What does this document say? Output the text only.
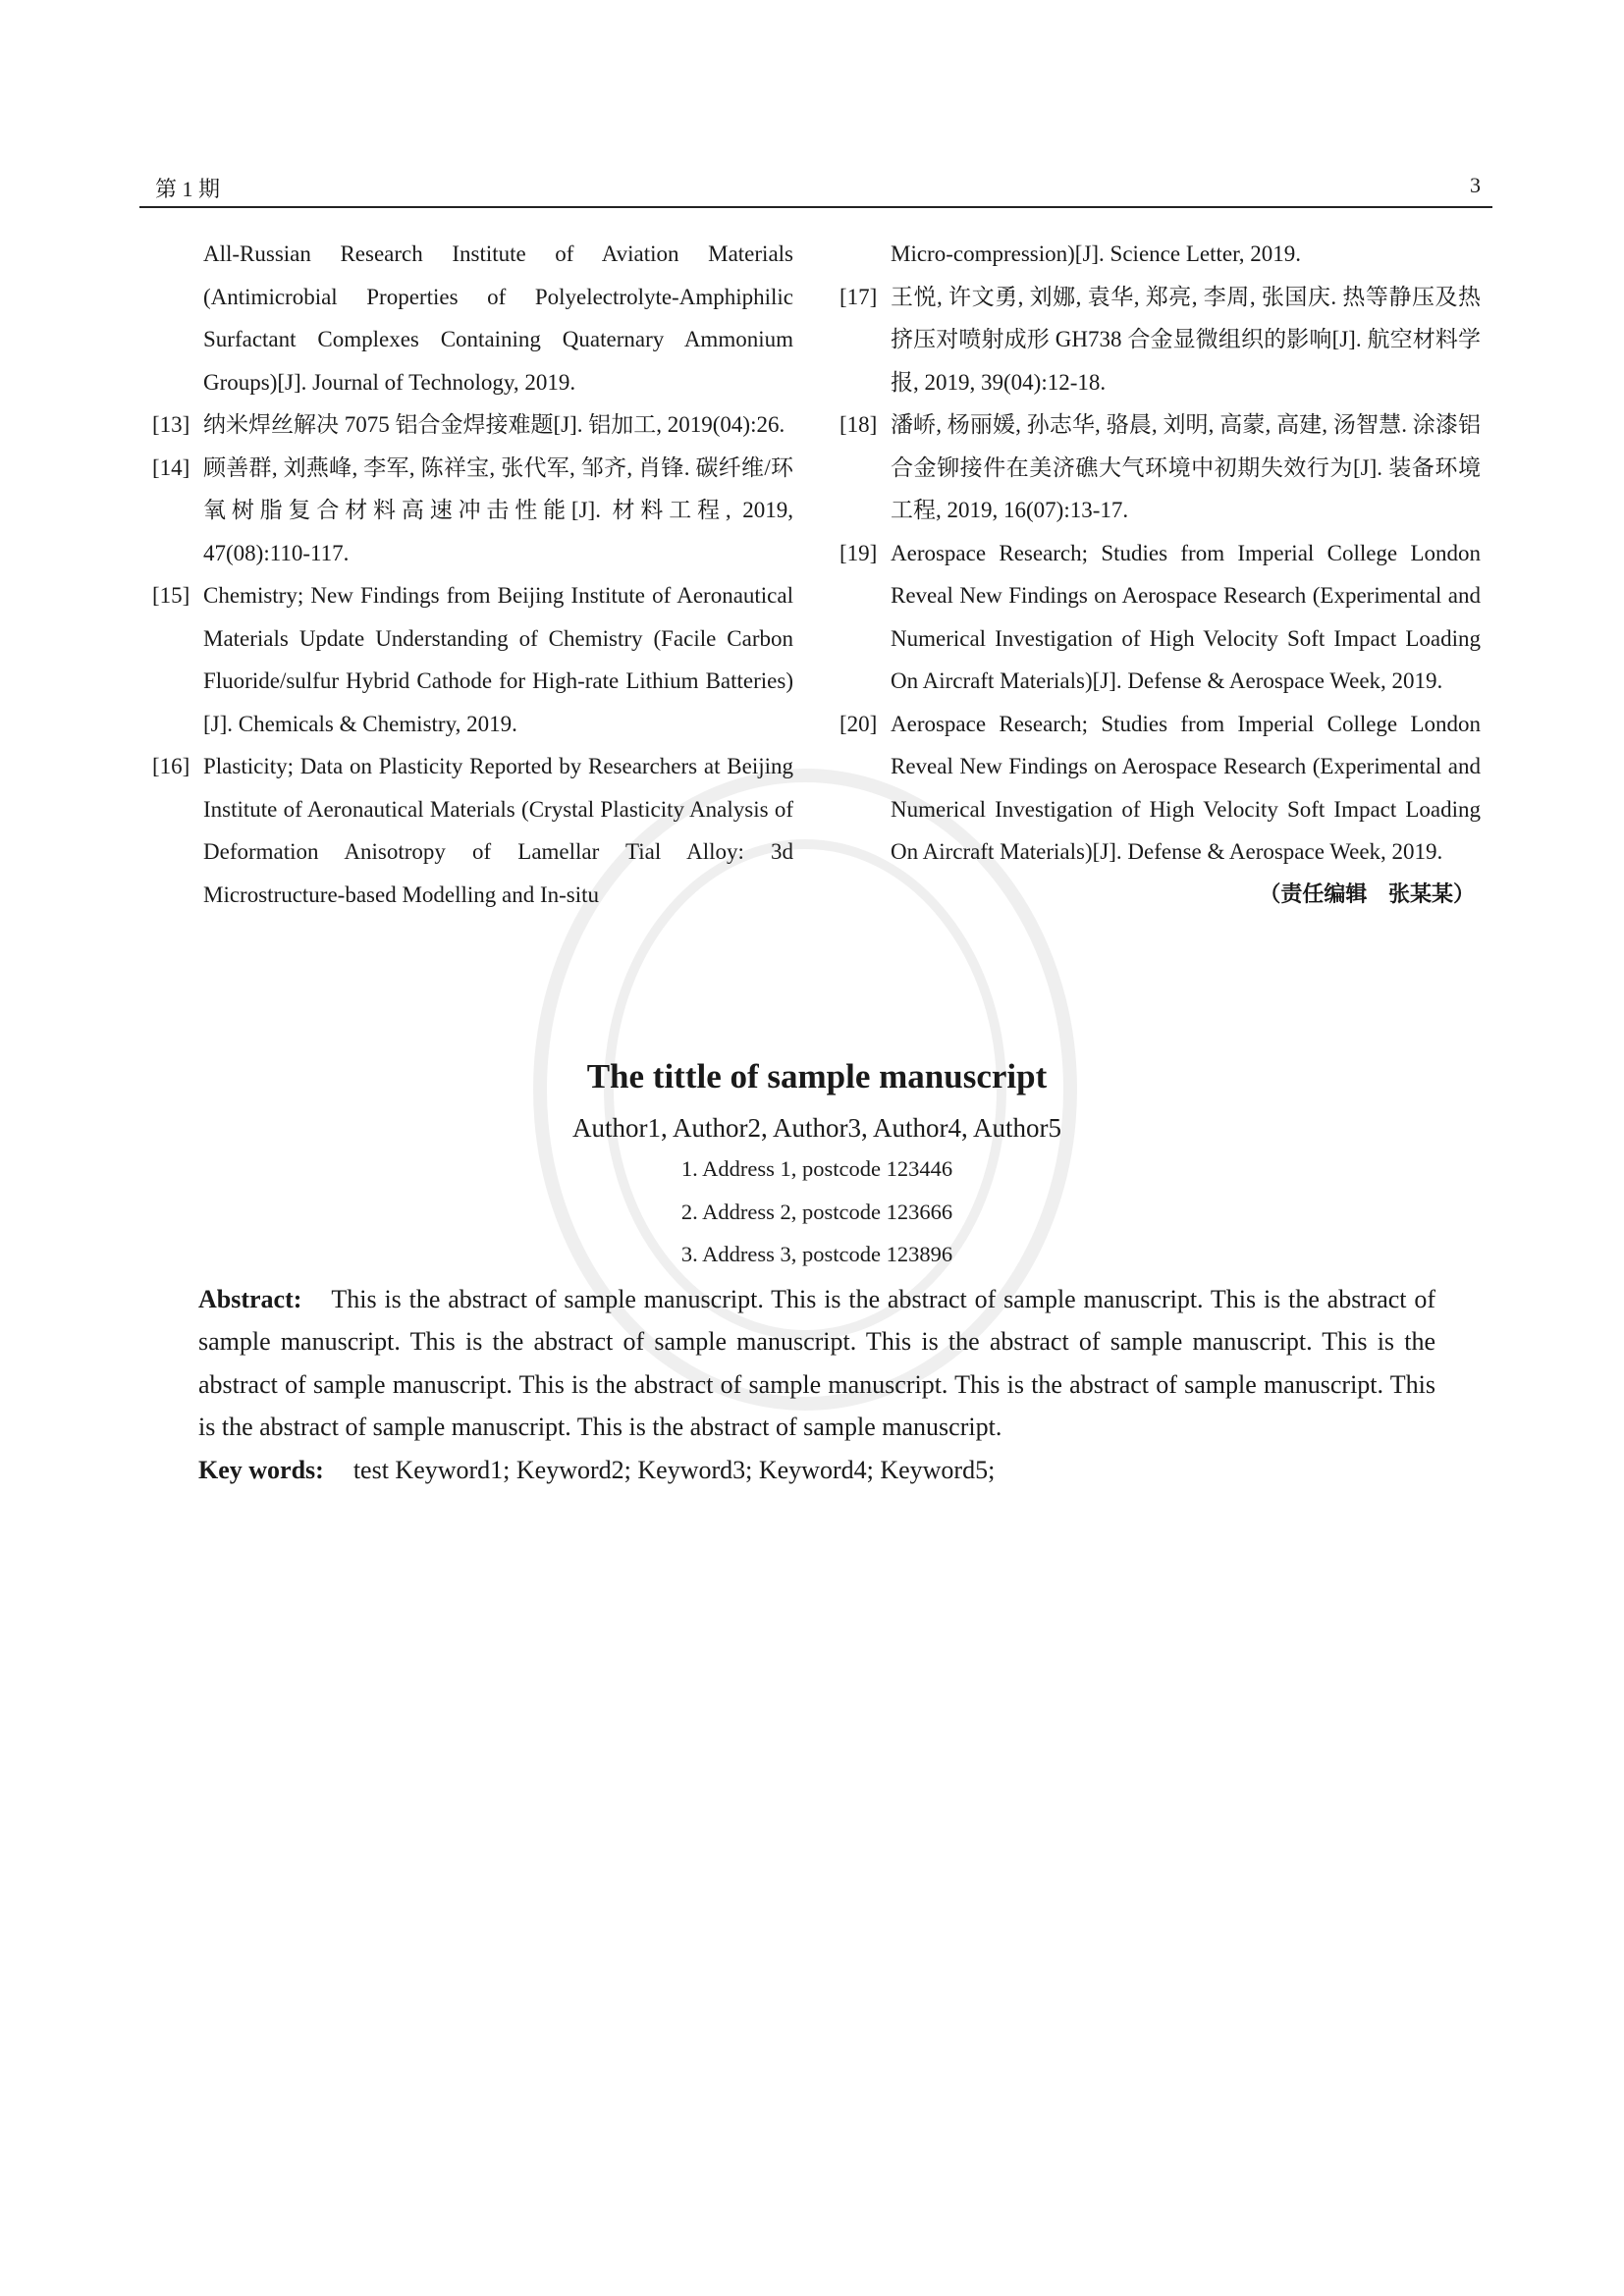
第 1 期	3
All-Russian Research Institute of Aviation Materials (Antimicrobial Properties of Polyelectrolyte-Amphiphilic Surfactant Complexes Containing Quaternary Ammonium Groups)[J]. Journal of Technology, 2019.
[13] 纳米焊丝解决 7075 铝合金焊接难题[J]. 铝加工, 2019(04):26.
[14] 顾善群, 刘燕峰, 李军, 陈祥宝, 张代军, 邹齐, 肖锋. 碳纤维/环氧树脂复合材料高速冲击性能[J]. 材料工程, 2019, 47(08):110-117.
[15] Chemistry; New Findings from Beijing Institute of Aeronautical Materials Update Understanding of Chemistry (Facile Carbon Fluoride/sulfur Hybrid Cathode for High-rate Lithium Batteries)[J]. Chemicals & Chemistry, 2019.
[16] Plasticity; Data on Plasticity Reported by Researchers at Beijing Institute of Aeronautical Materials (Crystal Plasticity Analysis of Deformation Anisotropy of Lamellar Tial Alloy: 3d Microstructure-based Modelling and In-situ
Micro-compression)[J]. Science Letter, 2019.
[17] 王悦, 许文勇, 刘娜, 袁华, 郑亮, 李周, 张国庆. 热等静压及热挤压对喷射成形 GH738 合金显微组织的影响[J]. 航空材料学报, 2019, 39(04):12-18.
[18] 潘峤, 杨丽媛, 孙志华, 骆晨, 刘明, 高蒙, 高建, 汤智慧. 涂漆铝合金铆接件在美济礁大气环境中初期失效行为[J]. 装备环境工程, 2019, 16(07):13-17.
[19] Aerospace Research; Studies from Imperial College London Reveal New Findings on Aerospace Research (Experimental and Numerical Investigation of High Velocity Soft Impact Loading On Aircraft Materials)[J]. Defense & Aerospace Week, 2019.
[20] Aerospace Research; Studies from Imperial College London Reveal New Findings on Aerospace Research (Experimental and Numerical Investigation of High Velocity Soft Impact Loading On Aircraft Materials)[J]. Defense & Aerospace Week, 2019.
（责任编辑 张某某）
The tittle of sample manuscript
Author1, Author2, Author3, Author4, Author5
1. Address 1, postcode 123446
2. Address 2, postcode 123666
3. Address 3, postcode 123896
Abstract: This is the abstract of sample manuscript. This is the abstract of sample manuscript. This is the abstract of sample manuscript. This is the abstract of sample manuscript. This is the abstract of sample manuscript. This is the abstract of sample manuscript. This is the abstract of sample manuscript. This is the abstract of sample manuscript. This is the abstract of sample manuscript. This is the abstract of sample manuscript.
Key words: test Keyword1; Keyword2; Keyword3; Keyword4; Keyword5;
